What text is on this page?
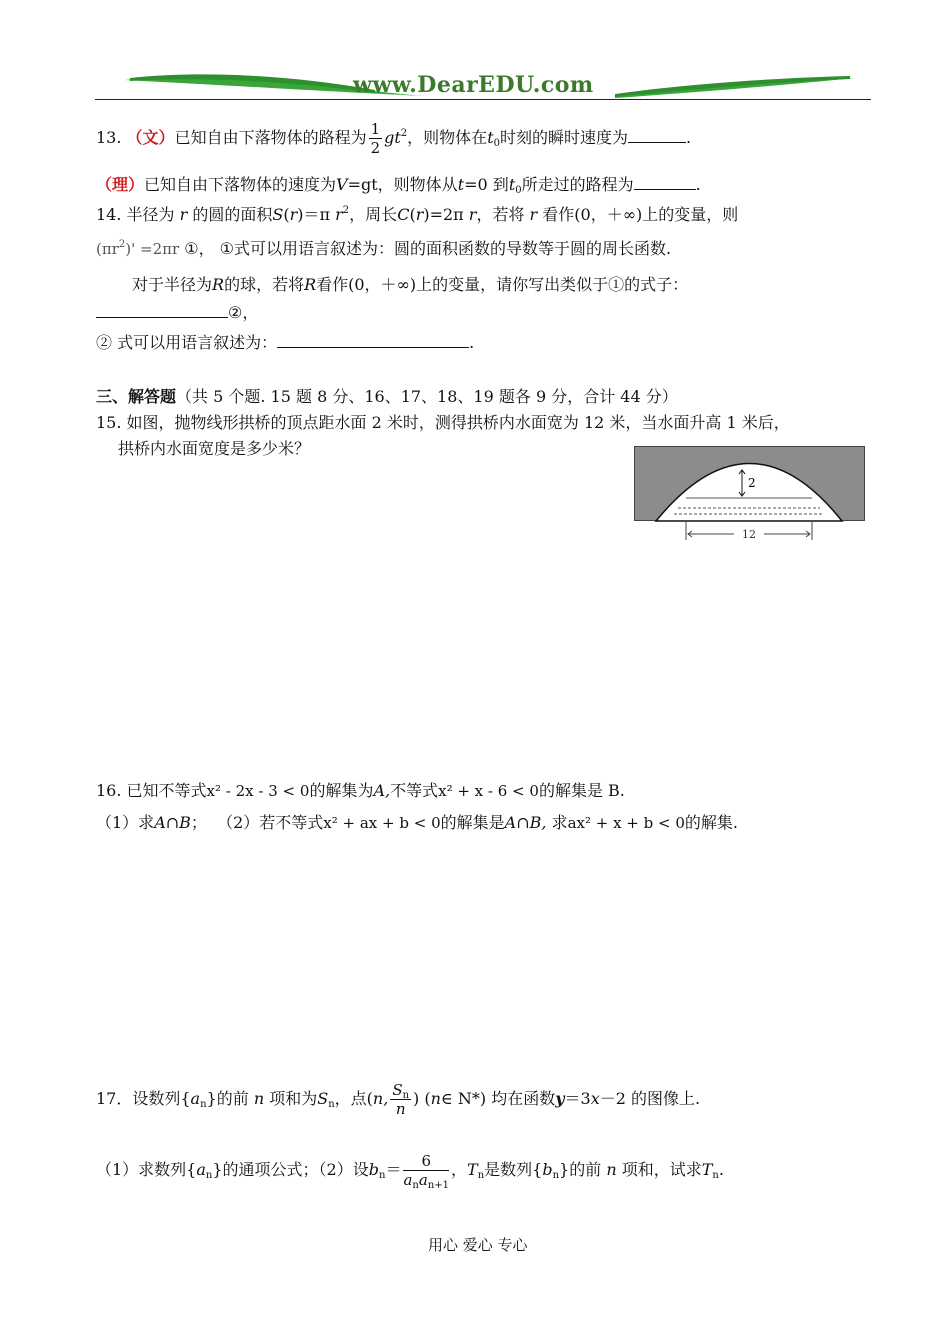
www.DearEDU.com
13. （文）已知自由下落物体的路程为 $\frac{1}{2} gt^2$，则物体在$t_0$时刻的瞬时速度为	.
（理）已知自由下落物体的速度为V=gt，则物体从t=0 到$t_0$所走过的路程为	.
14. 半径为 r 的圆的面积S(r)＝π $r^2$，周长C(r)=2π r，若将 r 看作(0，＋∞)上的变量，则
$(\pi r^2)' =2\pi r$ ①， ①式可以用语言叙述为：圆的面积函数的导数等于圆的周长函数.
对于半径为R的球，若将R看作(0，＋∞)上的变量，请你写出类似于①的式子：
②，
② 式可以用语言叙述为：	.
三、解答题（共 5 个题. 15 题 8 分、16、17、18、19 题各 9 分，合计 44 分）
15. 如图，抛物线形拱桥的顶点距水面 2 米时，测得拱桥内水面宽为 12 米，当水面升高 1 米后，
拱桥内水面宽度是多少米？
2
12
16. 已知不等式x² - 2x - 3 < 0的解集为A,不等式x² + x - 6 < 0的解集是 B.
（1）求A∩B； （2）若不等式x² + ax + b < 0的解集是A∩B, 求ax² + x + b < 0的解集.
17．设数列$\{a_n\}$的前 n 项和为$S_n$，点(n, $\frac{S_n}{n}$ ) (n∈ N*) 均在函数y＝3x－2 的图像上.
（1）求数列$\{a_n\}$的通项公式；（2）设$b_n= \frac{6}{a_na_{n+1}}$ ，$T_n$是数列$\{b_n\}$的前 n 项和，试求$T_n$.
用心 爱心 专心
